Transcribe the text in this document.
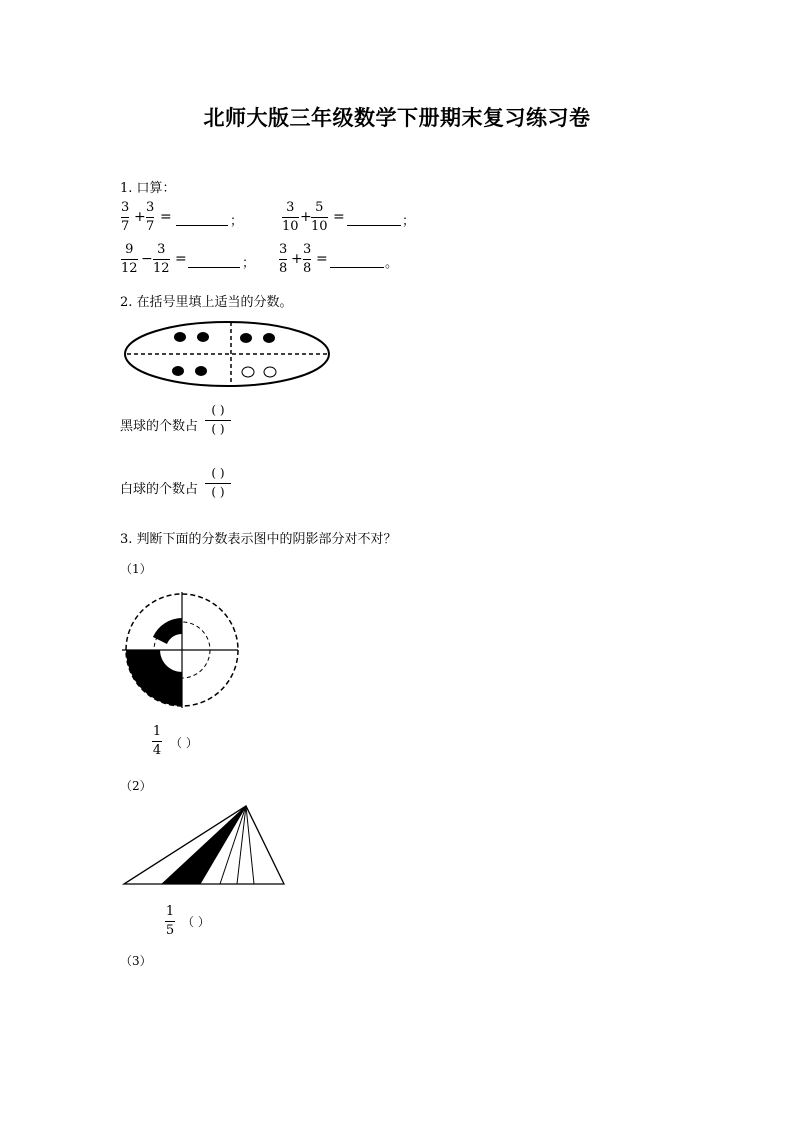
北师大版三年级数学下册期末复习练习卷
1. 口算：
3
7
+
3
7
=	；
3
10
+
5
10
=	；
9
12
−
3
12
=	；
3
8
+
3
8
=	。
2. 在括号里填上适当的分数。
黑球的个数占
( )
( )
白球的个数占
( )
( )
3. 判断下面的分数表示图中的阴影部分对不对？
（1）
1
4 （ ）
（2）
1
5
（ ）
（3）
